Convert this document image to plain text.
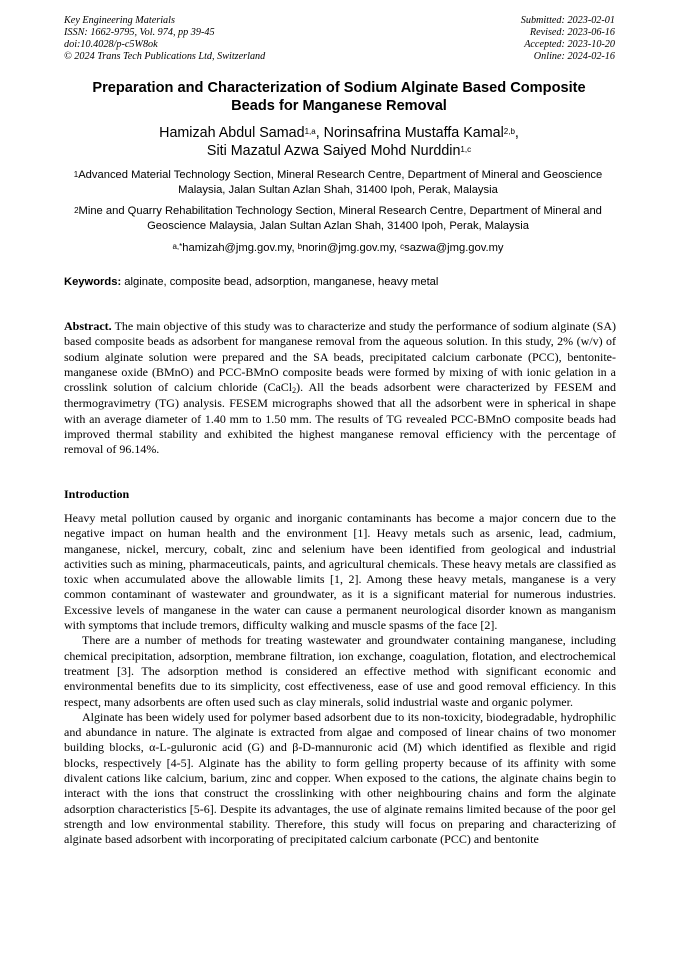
Key Engineering Materials
ISSN: 1662-9795, Vol. 974, pp 39-45
doi:10.4028/p-c5W8ok
© 2024 Trans Tech Publications Ltd, Switzerland
Submitted: 2023-02-01
Revised: 2023-06-16
Accepted: 2023-10-20
Online: 2024-02-16
Preparation and Characterization of Sodium Alginate Based Composite
Beads for Manganese Removal
Hamizah Abdul Samad$^{1,a}$, Norinsafrina Mustaffa Kamal$^{2,b}$,
Siti Mazatul Azwa Saiyed Mohd Nurddin$^{1,c}$
$^1$Advanced Material Technology Section, Mineral Research Centre, Department of Mineral and Geoscience Malaysia, Jalan Sultan Azlan Shah, 31400 Ipoh, Perak, Malaysia
$^2$Mine and Quarry Rehabilitation Technology Section, Mineral Research Centre, Department of Mineral and Geoscience Malaysia, Jalan Sultan Azlan Shah, 31400 Ipoh, Perak, Malaysia
$^{a,*}$hamizah@jmg.gov.my, $^b$norin@jmg.gov.my, $^c$sazwa@jmg.gov.my
Keywords: alginate, composite bead, adsorption, manganese, heavy metal
Abstract. The main objective of this study was to characterize and study the performance of sodium alginate (SA) based composite beads as adsorbent for manganese removal from the aqueous solution. In this study, 2% (w/v) of sodium alginate solution were prepared and the SA beads, precipitated calcium carbonate (PCC), bentonite-manganese oxide (BMnO) and PCC-BMnO composite beads were formed by mixing of with ionic gelation in a crosslink solution of calcium chloride (CaCl$_2$). All the beads adsorbent were characterized by FESEM and thermogravimetry (TG) analysis. FESEM micrographs showed that all the adsorbent were in spherical in shape with an average diameter of 1.40 mm to 1.50 mm. The results of TG revealed PCC-BMnO composite beads had improved thermal stability and exhibited the highest manganese removal efficiency with the percentage of removal of 96.14%.
Introduction

Heavy metal pollution caused by organic and inorganic contaminants has become a major concern due to the negative impact on human health and the environment [1]. Heavy metals such as arsenic, lead, cadmium, manganese, nickel, mercury, cobalt, zinc and selenium have been identified from geological and industrial activities such as mining, pharmaceuticals, paints, and agricultural chemicals. These heavy metals are classified as toxic when accumulated above the allowable limits [1, 2]. Among these heavy metals, manganese is a very common contaminant of wastewater and groundwater, as it is a significant material for numerous industries. Excessive levels of manganese in the water can cause a permanent neurological disorder known as manganism with symptoms that include tremors, difficulty walking and muscle spasms of the face [2].

There are a number of methods for treating wastewater and groundwater containing manganese, including chemical precipitation, adsorption, membrane filtration, ion exchange, coagulation, flotation, and electrochemical treatment [3]. The adsorption method is considered an effective method with significant economic and environmental benefits due to its simplicity, cost effectiveness, ease of use and good removal efficiency. In this respect, many adsorbents are often used such as clay minerals, solid industrial waste and organic polymer.

Alginate has been widely used for polymer based adsorbent due to its non-toxicity, biodegradable, hydrophilic and abundance in nature. The alginate is extracted from algae and composed of linear chains of two monomer building blocks, α-L-guluronic acid (G) and β-D-mannuronic acid (M) which identified as flexible and rigid blocks, respectively [4-5]. Alginate has the ability to form gelling property because of its affinity with some divalent cations like calcium, barium, zinc and copper. When exposed to the cations, the alginate chains begin to interact with the ions that construct the crosslinking with other neighbouring chains and form the alginate adsorption characteristics [5-6]. Despite its advantages, the use of alginate remains limited because of the poor gel strength and low environmental stability. Therefore, this study will focus on preparing and characterizing of alginate based adsorbent with incorporating of precipitated calcium carbonate (PCC) and bentonite
